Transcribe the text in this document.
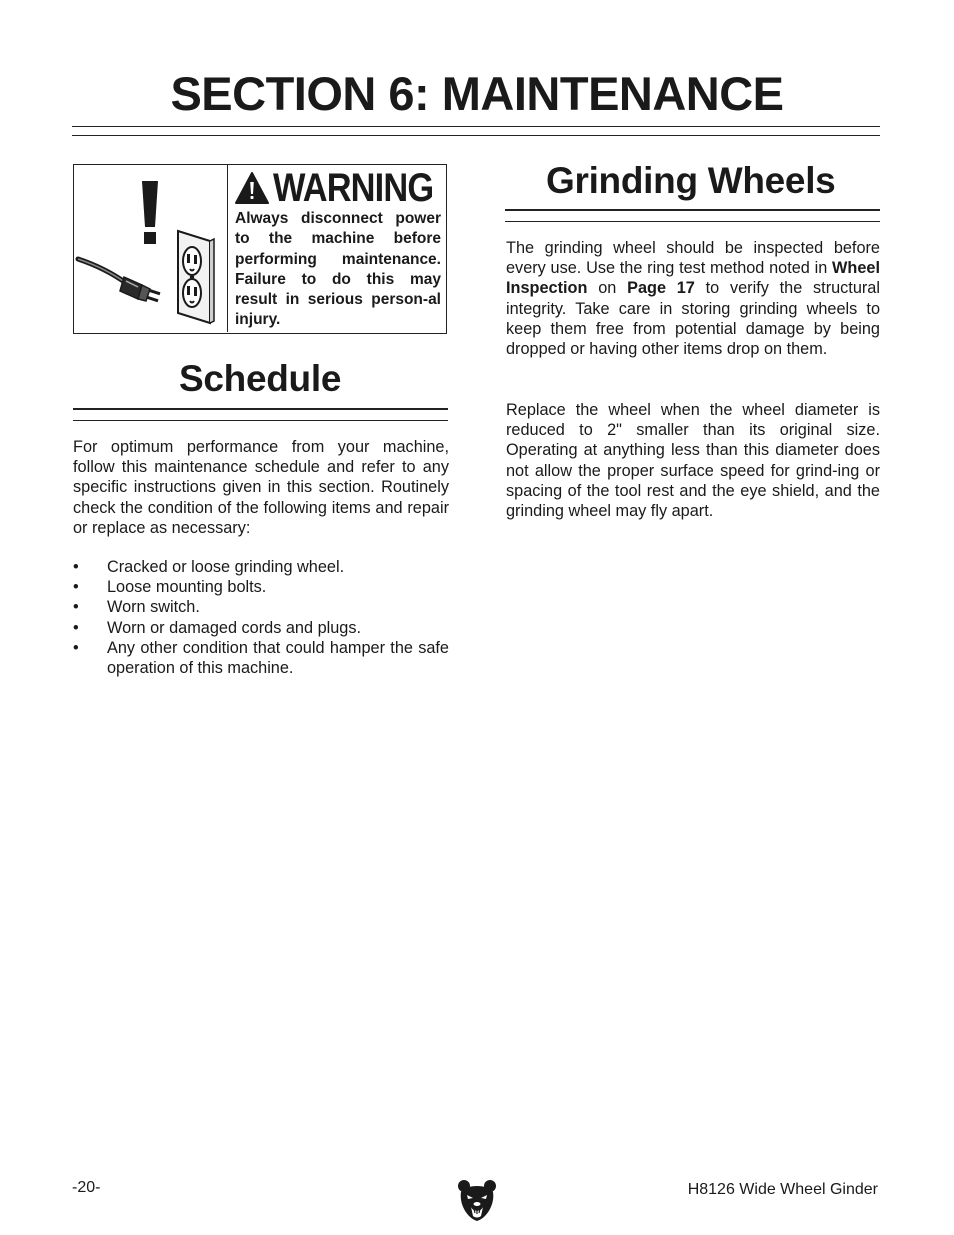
SECTION 6: MAINTENANCE
WARNING
Always disconnect power to the machine before performing maintenance. Failure to do this may result in serious person-al injury.
Schedule

For optimum performance from your machine, follow this maintenance schedule and refer to any specific instructions given in this section. Routinely check the condition of the following items and repair or replace as necessary:

• Cracked or loose grinding wheel.
• Loose mounting bolts.
• Worn switch.
• Worn or damaged cords and plugs.
• Any other condition that could hamper the safe operation of this machine.
Grinding Wheels

The grinding wheel should be inspected before every use. Use the ring test method noted in Wheel Inspection on Page 17 to verify the structural integrity. Take care in storing grinding wheels to keep them free from potential damage by being dropped or having other items drop on them.

Replace the wheel when the wheel diameter is reduced to 2" smaller than its original size. Operating at anything less than this diameter does not allow the proper surface speed for grind-ing or spacing of the tool rest and the eye shield, and the grinding wheel may fly apart.

-20-	H8126 Wide Wheel Ginder
